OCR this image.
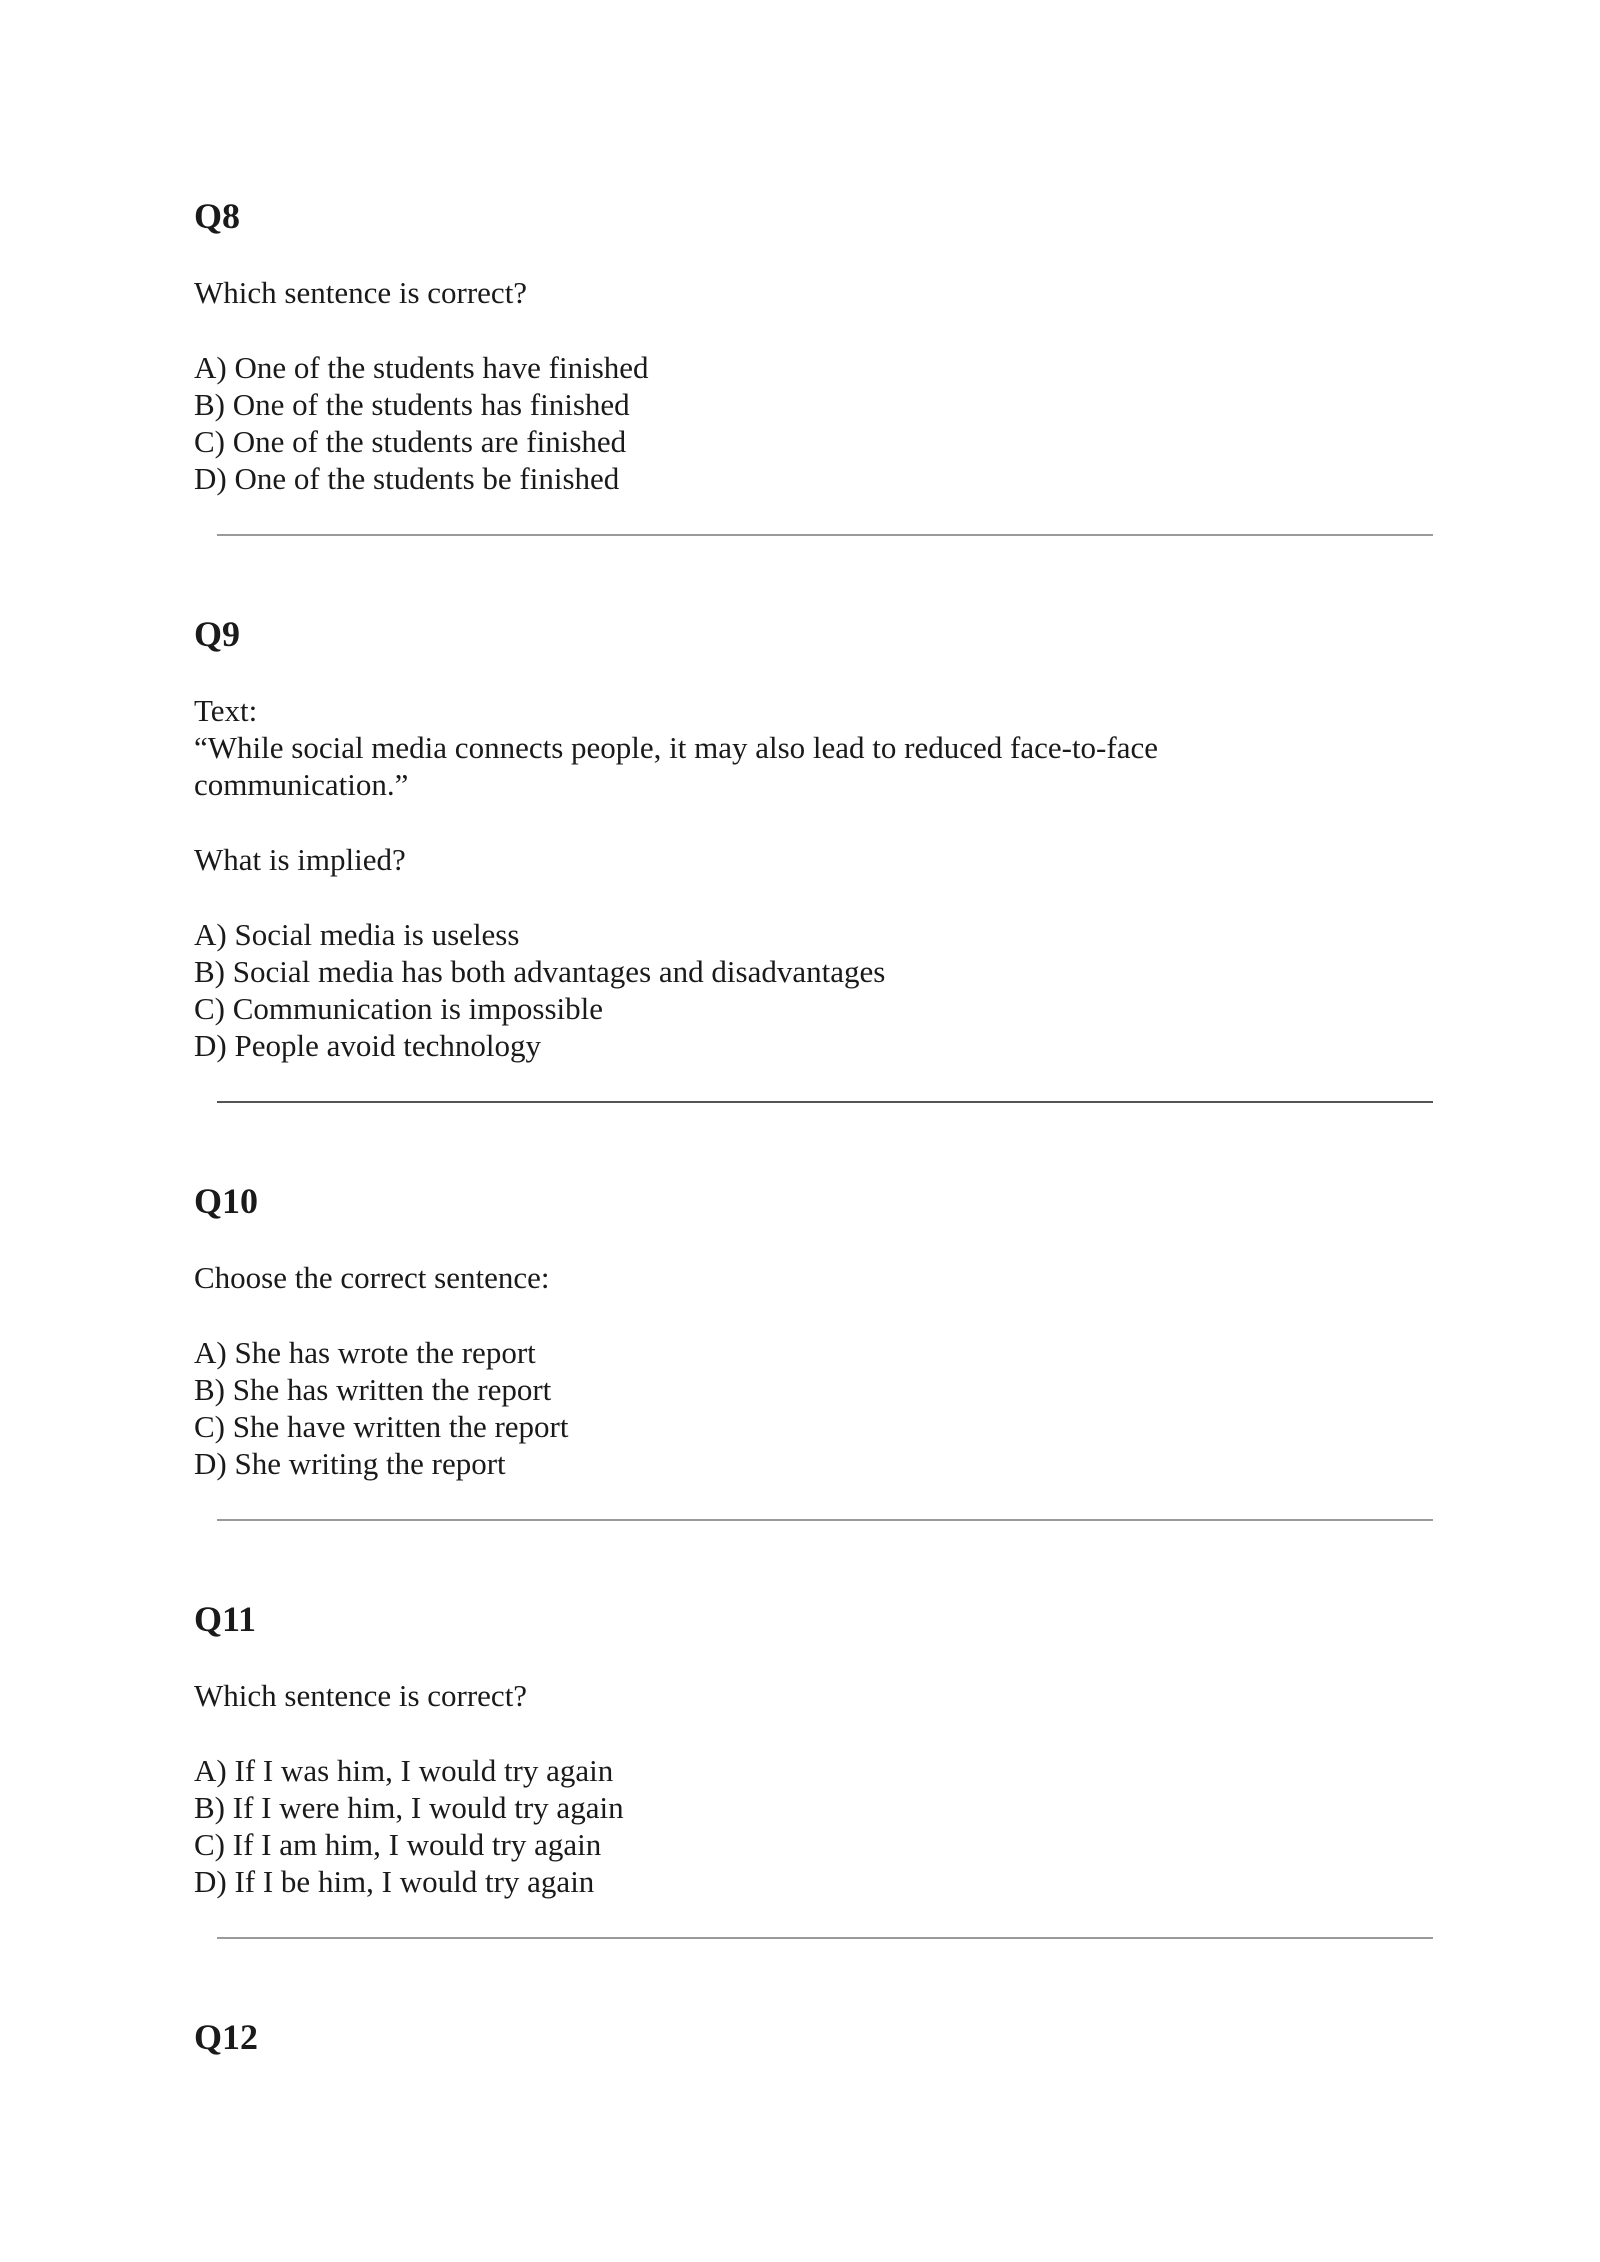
Q8
Which sentence is correct?
A) One of the students have finished
B) One of the students has finished
C) One of the students are finished
D) One of the students be finished
Q9
Text:
“While social media connects people, it may also lead to reduced face-to-face
communication.”
What is implied?
A) Social media is useless
B) Social media has both advantages and disadvantages
C) Communication is impossible
D) People avoid technology
Q10
Choose the correct sentence:
A) She has wrote the report
B) She has written the report
C) She have written the report
D) She writing the report
Q11
Which sentence is correct?
A) If I was him, I would try again
B) If I were him, I would try again
C) If I am him, I would try again
D) If I be him, I would try again
Q12
